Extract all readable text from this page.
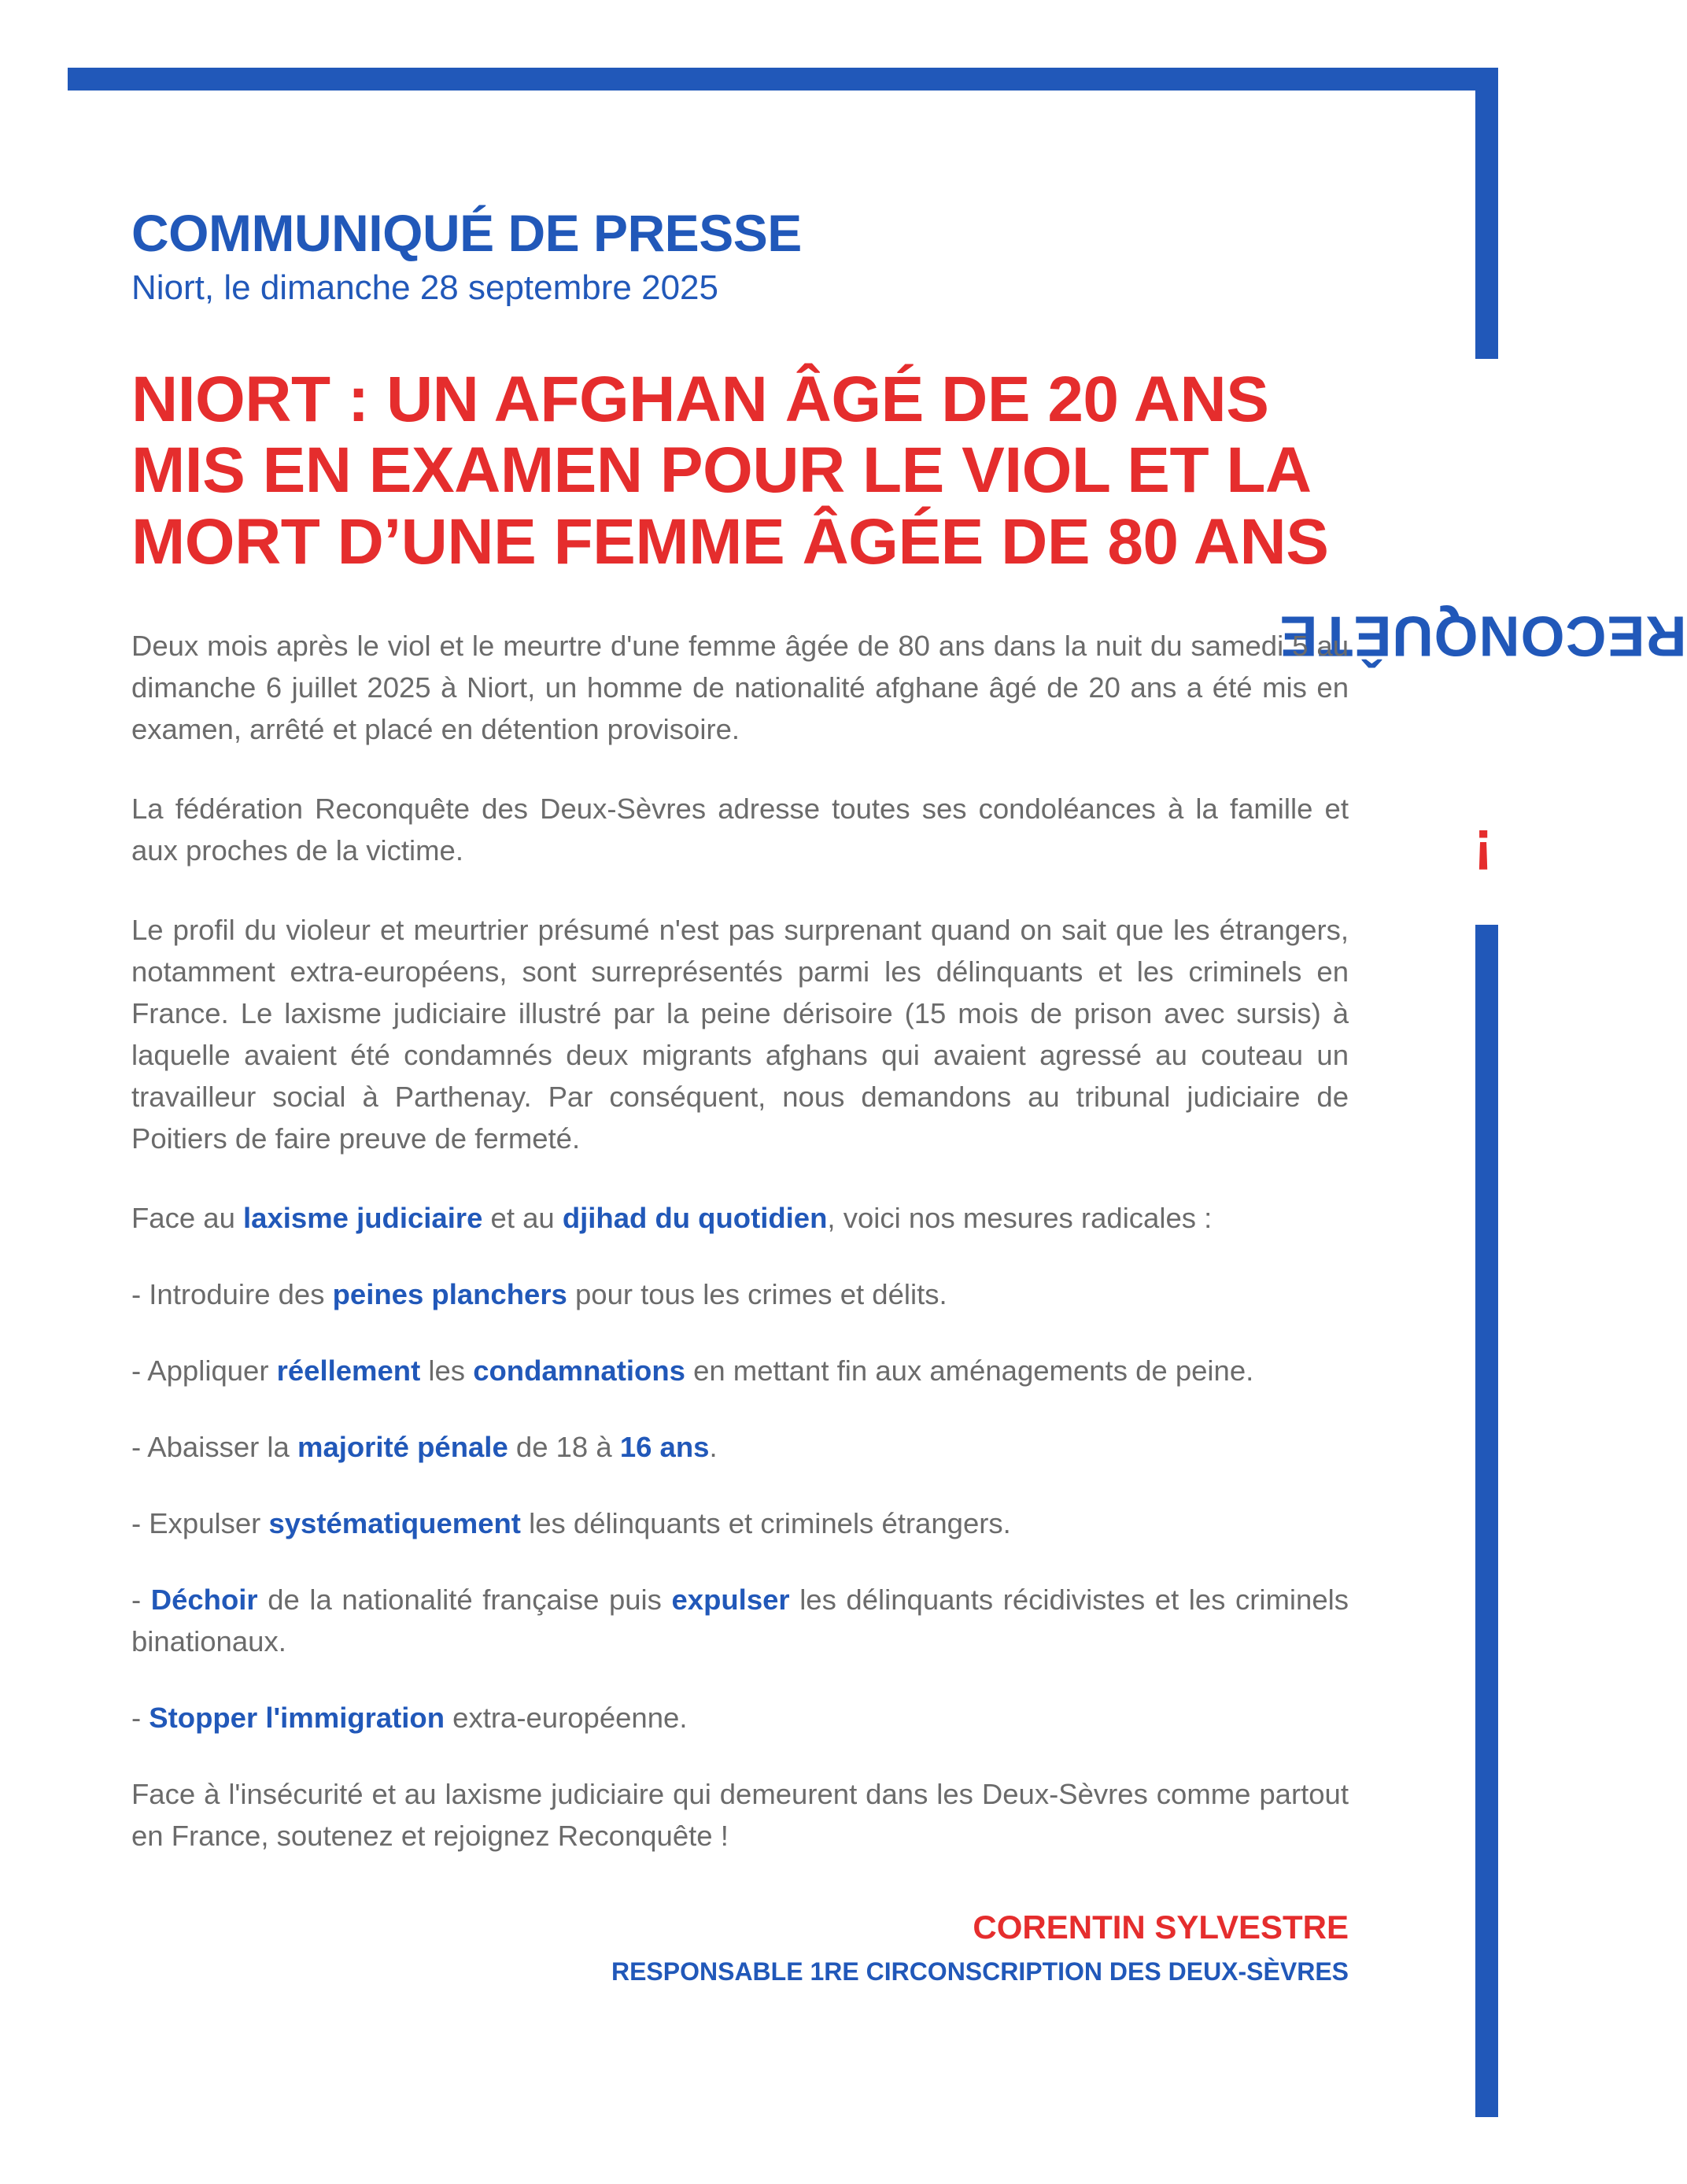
RECONQUÊTE!
COMMUNIQUÉ DE PRESSE

Niort, le dimanche 28 septembre 2025

NIORT : UN AFGHAN ÂGÉ DE 20 ANS
MIS EN EXAMEN POUR LE VIOL ET LA
MORT D’UNE FEMME ÂGÉE DE 80 ANS

Deux mois après le viol et le meurtre d'une femme âgée de 80 ans dans la nuit du samedi 5 au dimanche 6 juillet 2025 à Niort, un homme de nationalité afghane âgé de 20 ans a été mis en examen, arrêté et placé en détention provisoire.

La fédération Reconquête des Deux-Sèvres adresse toutes ses condoléances à la famille et aux proches de la victime.

Le profil du violeur et meurtrier présumé n'est pas surprenant quand on sait que les étrangers, notamment extra-européens, sont surreprésentés parmi les délinquants et les criminels en France. Le laxisme judiciaire illustré par la peine dérisoire (15 mois de prison avec sursis) à laquelle avaient été condamnés deux migrants afghans qui avaient agressé au couteau un travailleur social à Parthenay. Par conséquent, nous demandons au tribunal judiciaire de Poitiers de faire preuve de fermeté.

Face au laxisme judiciaire et au djihad du quotidien, voici nos mesures radicales :

- Introduire des peines planchers pour tous les crimes et délits.

- Appliquer réellement les condamnations en mettant fin aux aménagements de peine.

- Abaisser la majorité pénale de 18 à 16 ans.

- Expulser systématiquement les délinquants et criminels étrangers.

- Déchoir de la nationalité française puis expulser les délinquants récidivistes et les criminels binationaux.

- Stopper l'immigration extra-européenne.

Face à l'insécurité et au laxisme judiciaire qui demeurent dans les Deux-Sèvres comme partout en France, soutenez et rejoignez Reconquête !

CORENTIN SYLVESTRE

RESPONSABLE 1RE CIRCONSCRIPTION DES DEUX-SÈVRES
